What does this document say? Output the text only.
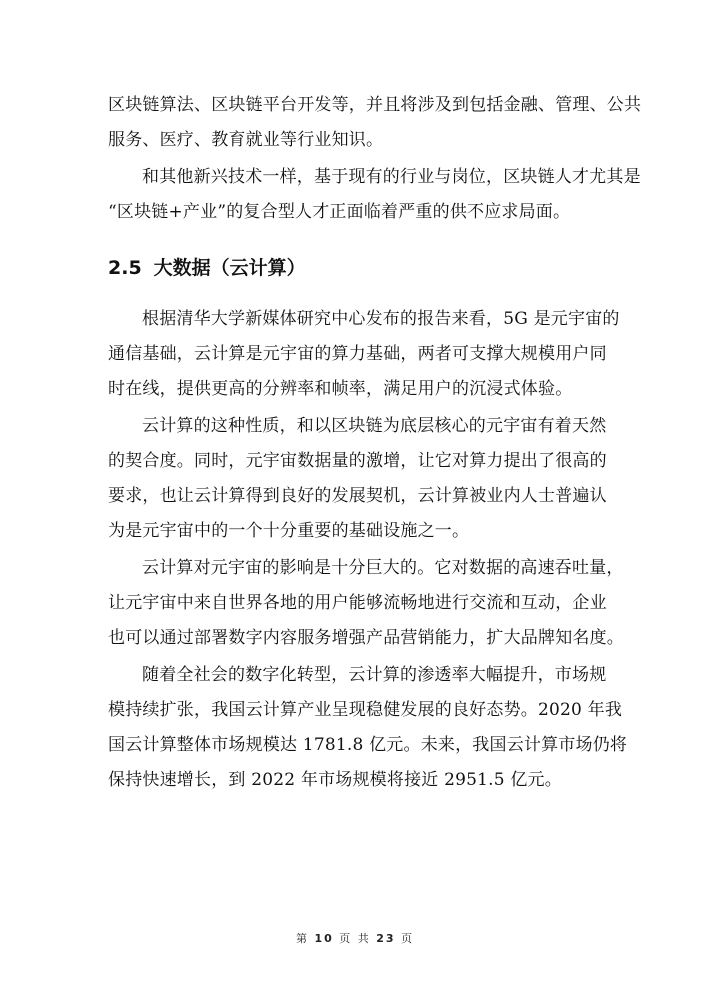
区块链算法、区块链平台开发等，并且将涉及到包括金融、管理、公共
服务、医疗、教育就业等行业知识。
和其他新兴技术一样，基于现有的行业与岗位，区块链人才尤其是
“区块链+产业”的复合型人才正面临着严重的供不应求局面。
2.5 大数据（云计算）
根据清华大学新媒体研究中心发布的报告来看，5G 是元宇宙的
通信基础，云计算是元宇宙的算力基础，两者可支撑大规模用户同
时在线，提供更高的分辨率和帧率，满足用户的沉浸式体验。
云计算的这种性质，和以区块链为底层核心的元宇宙有着天然
的契合度。同时，元宇宙数据量的激增，让它对算力提出了很高的
要求，也让云计算得到良好的发展契机，云计算被业内人士普遍认
为是元宇宙中的一个十分重要的基础设施之一。
云计算对元宇宙的影响是十分巨大的。它对数据的高速吞吐量，
让元宇宙中来自世界各地的用户能够流畅地进行交流和互动，企业
也可以通过部署数字内容服务增强产品营销能力，扩大品牌知名度。
随着全社会的数字化转型，云计算的渗透率大幅提升，市场规
模持续扩张，我国云计算产业呈现稳健发展的良好态势。2020 年我
国云计算整体市场规模达 1781.8 亿元。未来，我国云计算市场仍将
保持快速增长，到 2022 年市场规模将接近 2951.5 亿元。
第 10 页 共 23 页
